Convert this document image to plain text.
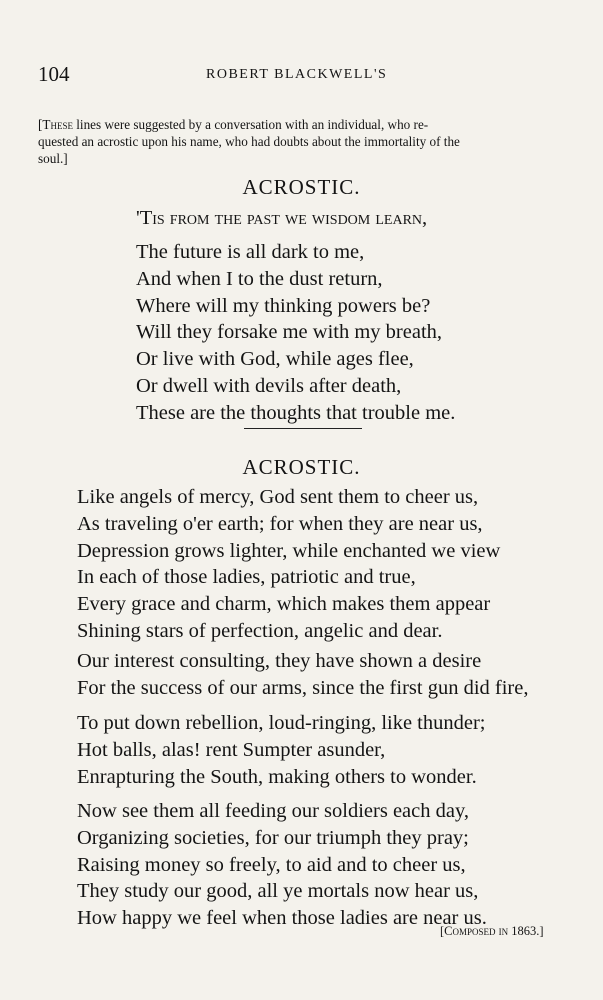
104	ROBERT BLACKWELL'S
[These lines were suggested by a conversation with an individual, who re-
quested an acrostic upon his name, who had doubts about the immortality of the
soul.]
ACROSTIC.
'Tis from the past we wisdom learn,
The future is all dark to me,
And when I to the dust return,
Where will my thinking powers be?
Will they forsake me with my breath,
Or live with God, while ages flee,
Or dwell with devils after death,
These are the thoughts that trouble me.
ACROSTIC.
Like angels of mercy, God sent them to cheer us,
As traveling o'er earth; for when they are near us,
Depression grows lighter, while enchanted we view
In each of those ladies, patriotic and true,
Every grace and charm, which makes them appear
Shining stars of perfection, angelic and dear.
Our interest consulting, they have shown a desire
For the success of our arms, since the first gun did fire,
To put down rebellion, loud-ringing, like thunder;
Hot balls, alas! rent Sumpter asunder,
Enrapturing the South, making others to wonder.
Now see them all feeding our soldiers each day,
Organizing societies, for our triumph they pray;
Raising money so freely, to aid and to cheer us,
They study our good, all ye mortals now hear us,
How happy we feel when those ladies are near us.
[Composed in 1863.]
